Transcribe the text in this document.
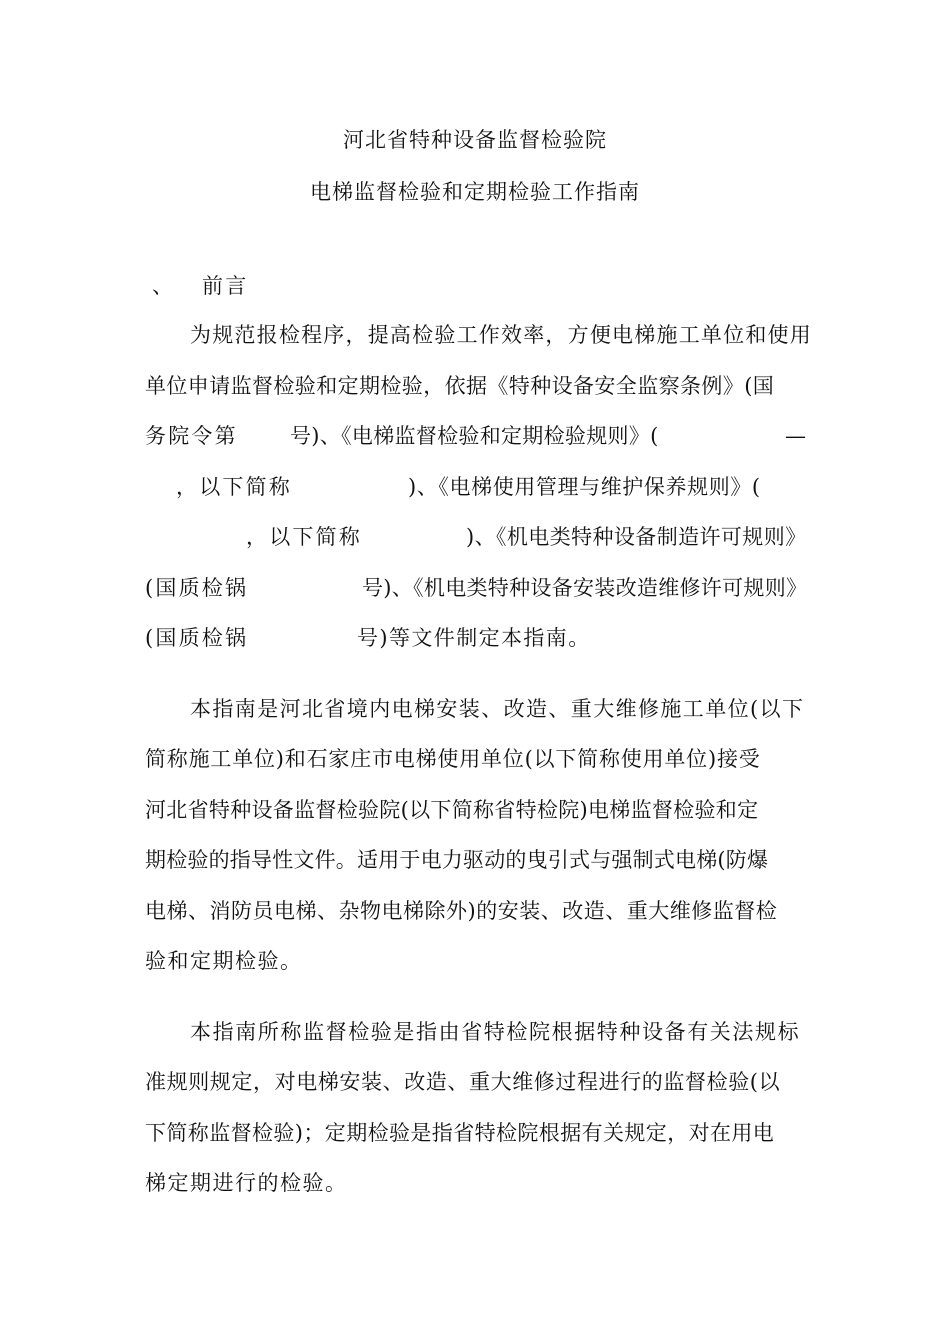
河北省特种设备监督检验院
电梯监督检验和定期检验工作指南
、 前言
为规范报检程序，提高检验工作效率，方便电梯施工单位和使用
单位申请监督检验和定期检验，依据《特种设备安全监察条例》(国
务院令第 号)、《电梯监督检验和定期检验规则》(	—
，以下简称	)、《电梯使用管理与维护保养规则》(
，以下简称	)、《机电类特种设备制造许可规则》
(国质检锅	号)、《机电类特种设备安装改造维修许可规则》
(国质检锅	号)等文件制定本指南。
本指南是河北省境内电梯安装、改造、重大维修施工单位(以下
简称施工单位)和石家庄市电梯使用单位(以下简称使用单位)接受
河北省特种设备监督检验院(以下简称省特检院)电梯监督检验和定
期检验的指导性文件。适用于电力驱动的曳引式与强制式电梯(防爆
电梯、消防员电梯、杂物电梯除外)的安装、改造、重大维修监督检
验和定期检验。
本指南所称监督检验是指由省特检院根据特种设备有关法规标
准规则规定，对电梯安装、改造、重大维修过程进行的监督检验(以
下简称监督检验)；定期检验是指省特检院根据有关规定，对在用电
梯定期进行的检验。
